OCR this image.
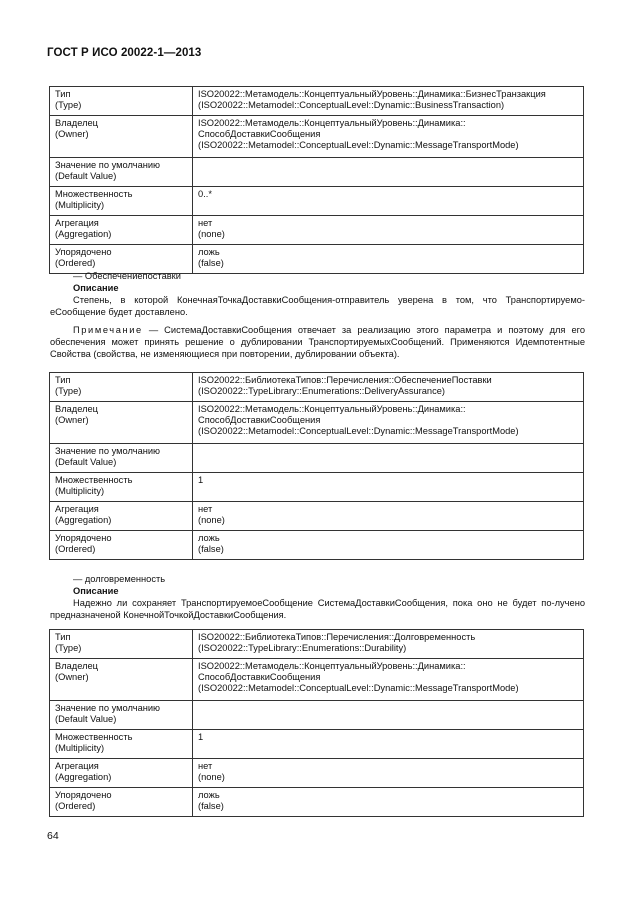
ГОСТ Р ИСО 20022-1—2013
Тип
(Type)	ISO20022::Метамодель::КонцептуальныйУровень::Динамика::БизнесТранзакция
(ISO20022::Metamodel::ConceptualLevel::Dynamic::BusinessTransaction)

Владелец
(Owner)	ISO20022::Метамодель::КонцептуальныйУровень::Динамика::
СпособДоставкиСообщения
(ISO20022::Metamodel::ConceptualLevel::Dynamic::MessageTransportMode)

Значение по умолчанию
(Default Value)	

Множественность
(Multiplicity)	0..*

Агрегация
(Aggregation)	нет
(none)

Упорядочено
(Ordered)	ложь
(false)
— Обеспечениепоставки
Описание
Степень, в которой КонечнаяТочкаДоставкиСообщения-отправитель уверена в том, что Транспортируемо-еСообщение будет доставлено.
Примечание — СистемаДоставкиСообщения отвечает за реализацию этого параметра и поэтому для его обеспечения может принять решение о дублировании ТранспортируемыхСообщений. Применяются Идемпотентные Свойства (свойства, не изменяющиеся при повторении, дублировании объекта).
Тип
(Type)	ISO20022::БиблиотекаТипов::Перечисления::ОбеспечениеПоставки
(ISO20022::TypeLibrary::Enumerations::DeliveryAssurance)

Владелец
(Owner)	ISO20022::Метамодель::КонцептуальныйУровень::Динамика::
СпособДоставкиСообщения
(ISO20022::Metamodel::ConceptualLevel::Dynamic::MessageTransportMode)

Значение по умолчанию
(Default Value)	

Множественность
(Multiplicity)	1

Агрегация
(Aggregation)	нет
(none)

Упорядочено
(Ordered)	ложь
(false)
— долговременность
Описание
Надежно ли сохраняет ТранспортируемоеСообщение СистемаДоставкиСообщения, пока оно не будет по-лучено предназначеной КонечнойТочкойДоставкиСообщения.
Тип
(Type)	ISO20022::БиблиотекаТипов::Перечисления::Долговременность
(ISO20022::TypeLibrary::Enumerations::Durability)

Владелец
(Owner)	ISO20022::Метамодель::КонцептуальныйУровень::Динамика::
СпособДоставкиСообщения
(ISO20022::Metamodel::ConceptualLevel::Dynamic::MessageTransportMode)

Значение по умолчанию
(Default Value)	

Множественность
(Multiplicity)	1

Агрегация
(Aggregation)	нет
(none)

Упорядочено
(Ordered)	ложь
(false)
64
